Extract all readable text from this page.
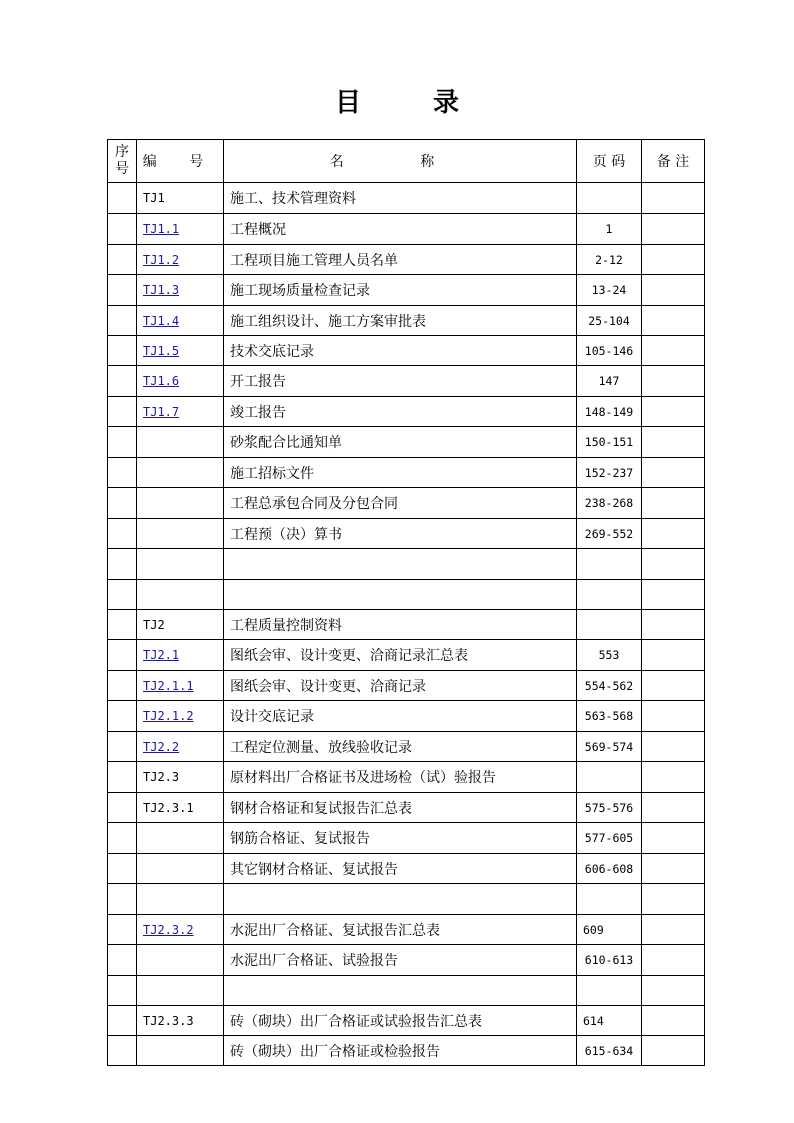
目	录
序
号	编 号	名 称	页 码	备 注
	TJ1	施工、技术管理资料		
	TJ1.1	工程概况	1	
	TJ1.2	工程项目施工管理人员名单	2-12	
	TJ1.3	施工现场质量检查记录	13-24	
	TJ1.4	施工组织设计、施工方案审批表	25-104	
	TJ1.5	技术交底记录	105-146	
	TJ1.6	开工报告	147	
	TJ1.7	竣工报告	148-149	
		砂浆配合比通知单	150-151	
		施工招标文件	152-237	
		工程总承包合同及分包合同	238-268	
		工程预（决）算书	269-552	

	TJ2	工程质量控制资料		
	TJ2.1	图纸会审、设计变更、洽商记录汇总表	553	
	TJ2.1.1	图纸会审、设计变更、洽商记录	554-562	
	TJ2.1.2	设计交底记录	563-568	
	TJ2.2	工程定位测量、放线验收记录	569-574	
	TJ2.3	原材料出厂合格证书及进场检（试）验报告		
	TJ2.3.1	钢材合格证和复试报告汇总表	575-576	
		钢筋合格证、复试报告	577-605	
		其它钢材合格证、复试报告	606-608	

	TJ2.3.2	水泥出厂合格证、复试报告汇总表	609	
		水泥出厂合格证、试验报告	610-613	

	TJ2.3.3	砖（砌块）出厂合格证或试验报告汇总表	614	
		砖（砌块）出厂合格证或检验报告	615-634	
